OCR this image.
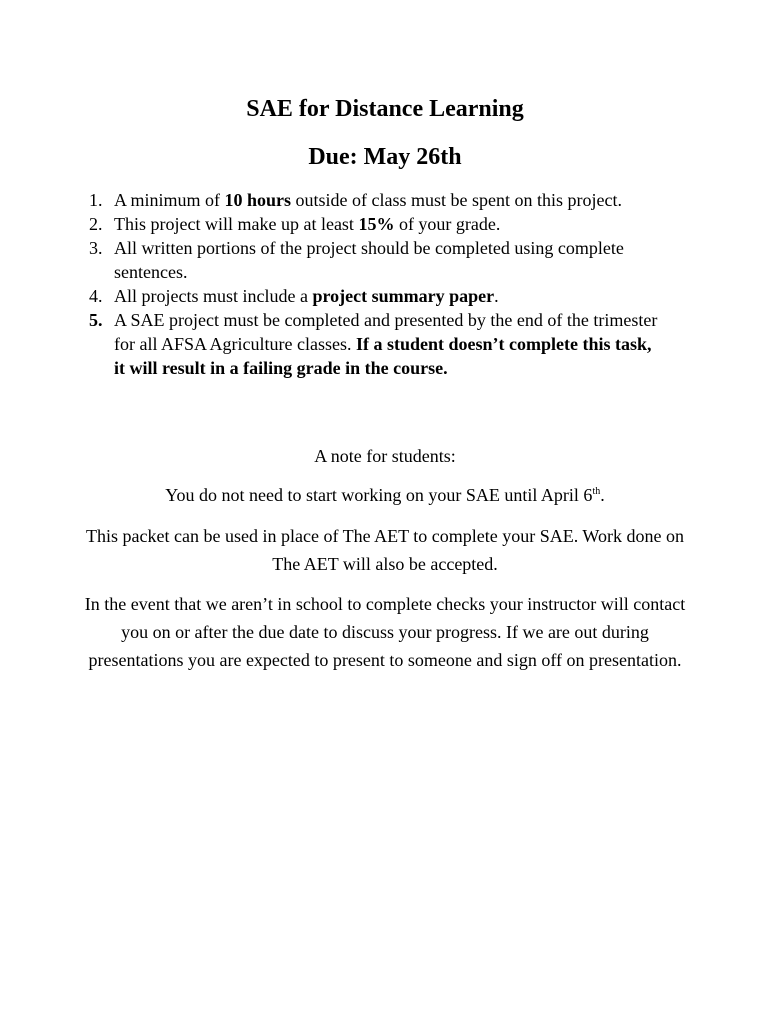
SAE for Distance Learning
Due: May 26th
1. A minimum of 10 hours outside of class must be spent on this project.
2. This project will make up at least 15% of your grade.
3. All written portions of the project should be completed using complete sentences.
4. All projects must include a project summary paper.
5. A SAE project must be completed and presented by the end of the trimester for all AFSA Agriculture classes. If a student doesn’t complete this task, it will result in a failing grade in the course.

A note for students:

You do not need to start working on your SAE until April 6th.

This packet can be used in place of The AET to complete your SAE. Work done on The AET will also be accepted.

In the event that we aren’t in school to complete checks your instructor will contact you on or after the due date to discuss your progress. If we are out during presentations you are expected to present to someone and sign off on presentation.
